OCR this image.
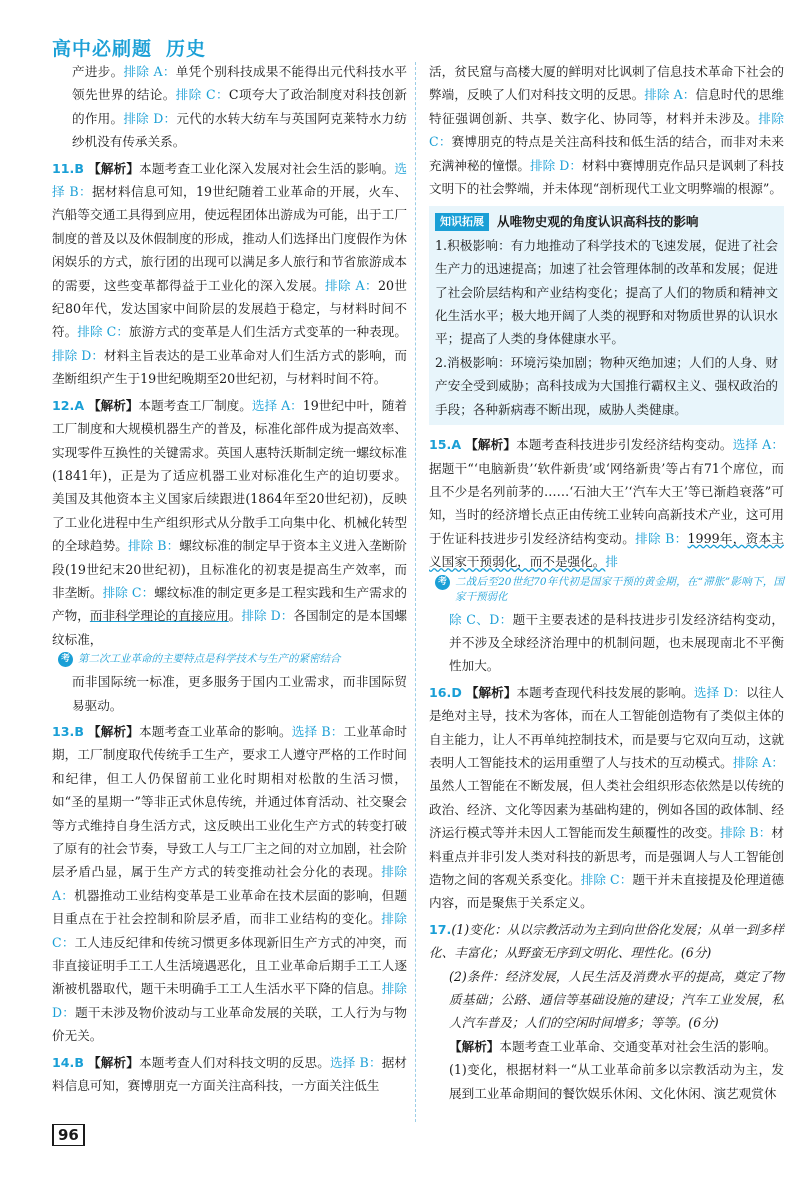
高中必刷题 历史

产进步。排除 A：单凭个别科技成果不能得出元代科技水平领先世界的结论。排除 C：C项夸大了政治制度对科技创新的作用。排除 D：元代的水转大纺车与英国阿克莱特水力纺纱机没有传承关系。

11.B 【解析】本题考查工业化深入发展对社会生活的影响。选择 B：据材料信息可知，19世纪随着工业革命的开展，火车、汽船等交通工具得到应用，使远程团体出游成为可能，出于工厂制度的普及以及休假制度的形成，推动人们选择出门度假作为休闲娱乐的方式，旅行团的出现可以满足多人旅行和节省旅游成本的需要，这些变革都得益于工业化的深入发展。排除 A：20世纪80年代，发达国家中间阶层的发展趋于稳定，与材料时间不符。排除 C：旅游方式的变革是人们生活方式变革的一种表现。排除 D：材料主旨表达的是工业革命对人们生活方式的影响，而垄断组织产生于19世纪晚期至20世纪初，与材料时间不符。

12.A 【解析】本题考查工厂制度。选择 A：19世纪中叶，随着工厂制度和大规模机器生产的普及，标准化部件成为提高效率、实现零件互换性的关键需求。英国人惠特沃斯制定统一螺纹标准(1841年)，正是为了适应机器工业对标准化生产的迫切要求。美国及其他资本主义国家后续跟进(1864年至20世纪初)，反映了工业化进程中生产组织形式从分散手工向集中化、机械化转型的全球趋势。排除 B：螺纹标准的制定早于资本主义进入垄断阶段(19世纪末20世纪初)，且标准化的初衷是提高生产效率，而非垄断。排除 C：螺纹标准的制定更多是工程实践和生产需求的产物，而非科学理论的直接应用。排除 D：各国制定的是本国螺纹标准，

考 第二次工业革命的主要特点是科学技术与生产的紧密结合

而非国际统一标准，更多服务于国内工业需求，而非国际贸易驱动。

13.B 【解析】本题考查工业革命的影响。选择 B：工业革命时期，工厂制度取代传统手工生产，要求工人遵守严格的工作时间和纪律，但工人仍保留前工业化时期相对松散的生活习惯，如“圣的星期一”等非正式休息传统，并通过体育活动、社交聚会等方式维持自身生活方式，这反映出工业化生产方式的转变打破了原有的社会节奏，导致工人与工厂主之间的对立加剧，社会阶层矛盾凸显，属于生产方式的转变推动社会分化的表现。排除 A：机器推动工业结构变革是工业革命在技术层面的影响，但题目重点在于社会控制和阶层矛盾，而非工业结构的变化。排除 C：工人违反纪律和传统习惯更多体现新旧生产方式的冲突，而非直接证明手工工人生活境遇恶化，且工业革命后期手工工人逐渐被机器取代，题干未明确手工工人生活水平下降的信息。排除 D：题干未涉及物价波动与工业革命发展的关联，工人行为与物价无关。

14.B 【解析】本题考查人们对科技文明的反思。选择 B：据材料信息可知，赛博朋克一方面关注高科技，一方面关注低生

活，贫民窟与高楼大厦的鲜明对比讽刺了信息技术革命下社会的弊端，反映了人们对科技文明的反思。排除 A：信息时代的思维特征强调创新、共享、数字化、协同等，材料并未涉及。排除 C：赛博朋克的特点是关注高科技和低生活的结合，而非对未来充满神秘的憧憬。排除 D：材料中赛博朋克作品只是讽刺了科技文明下的社会弊端，并未体现“剖析现代工业文明弊端的根源”。

知识拓展	从唯物史观的角度认识高科技的影响

1.积极影响：有力地推动了科学技术的飞速发展，促进了社会生产力的迅速提高；加速了社会管理体制的改革和发展；促进了社会阶层结构和产业结构变化；提高了人们的物质和精神文化生活水平；极大地开阔了人类的视野和对物质世界的认识水平；提高了人类的身体健康水平。

2.消极影响：环境污染加剧；物种灭绝加速；人们的人身、财产安全受到威胁；高科技成为大国推行霸权主义、强权政治的手段；各种新病毒不断出现，威胁人类健康。

15.A 【解析】本题考查科技进步引发经济结构变动。选择 A：据题干“‘电脑新贵’‘软件新贵’或‘网络新贵’等占有71个席位，而且不少是名列前茅的……‘石油大王’‘汽车大王’等已渐趋衰落”可知，当时的经济增长点正由传统工业转向高新技术产业，这可用于佐证科技进步引发经济结构变动。排除 B：1999年，资本主义国家干预弱化，而不是强化。排

考 二战后至20世纪70年代初是国家干预的黄金期，在“滞胀”影响下，国家干预弱化

除 C、D：题干主要表述的是科技进步引发经济结构变动，并不涉及全球经济治理中的机制问题，也未展现南北不平衡性加大。

16.D 【解析】本题考查现代科技发展的影响。选择 D：以往人是绝对主导，技术为客体，而在人工智能创造物有了类似主体的自主能力，让人不再单纯控制技术，而是要与它双向互动，这就表明人工智能技术的运用重塑了人与技术的互动模式。排除 A：虽然人工智能在不断发展，但人类社会组织形态依然是以传统的政治、经济、文化等因素为基础构建的，例如各国的政体制、经济运行模式等并未因人工智能而发生颠覆性的改变。排除 B：材料重点并非引发人类对科技的新思考，而是强调人与人工智能创造物之间的客观关系变化。排除 C：题干并未直接提及伦理道德内容，而是聚焦于关系定义。

17.(1)变化：从以宗教活动为主到向世俗化发展；从单一到多样化、丰富化；从野蛮无序到文明化、理性化。(6分)

(2)条件：经济发展，人民生活及消费水平的提高，奠定了物质基础；公路、通信等基础设施的建设；汽车工业发展，私人汽车普及；人们的空闲时间增多；等等。(6分)

【解析】本题考查工业革命、交通变革对社会生活的影响。

(1)变化，根据材料一“从工业革命前多以宗教活动为主，发展到工业革命期间的餐饮娱乐休闲、文化休闲、演艺观赏休

96
